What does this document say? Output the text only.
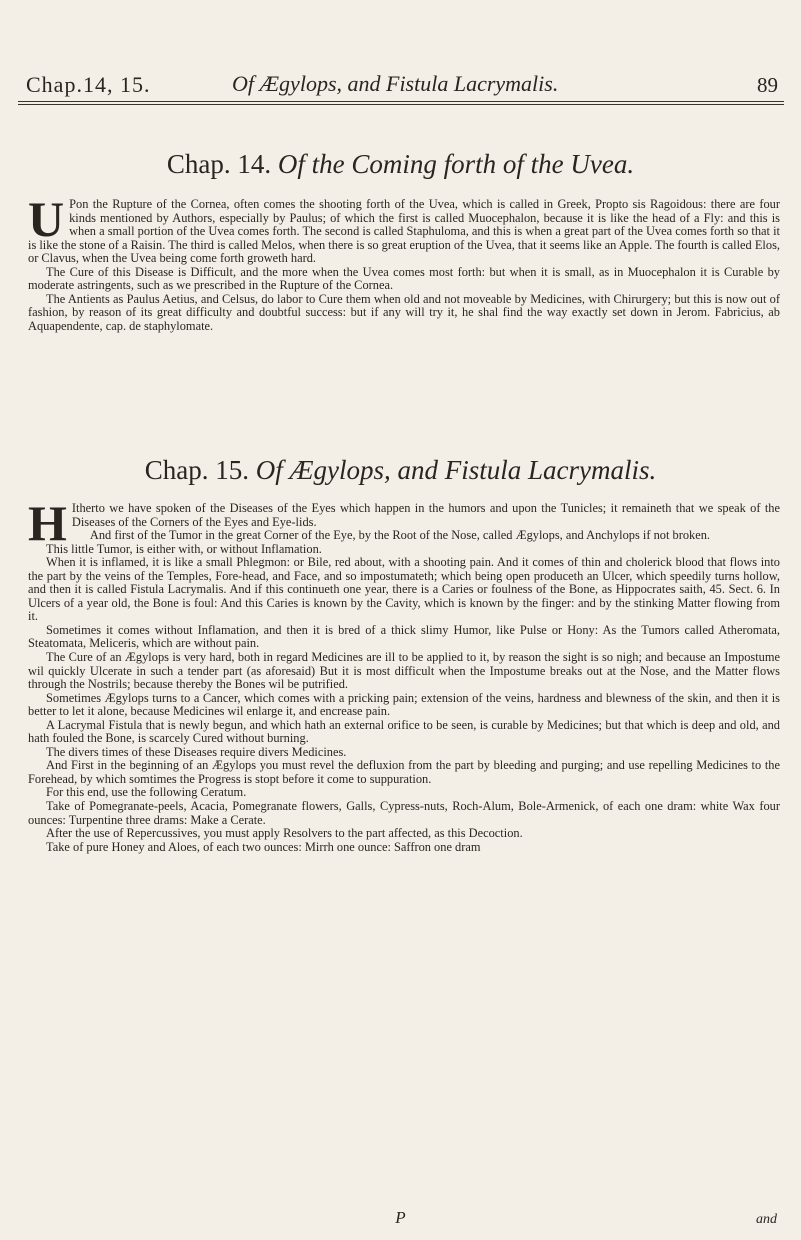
Chap.14, 15.	Of Ægylops, and Fistula Lacrymalis.	89
Chap. 14. Of the Coming forth of the Uvea.

U Pon the Rupture of the Cornea, often comes the shooting forth of the Uvea, which is called in Greek, Propto sis Ragoidous: there are four kinds mentioned by Authors, especially by Paulus; of which the first is called Muocephalon, because it is like the head of a Fly: and this is when a small portion of the Uvea comes forth. The second is called Staphuloma, and this is when a great part of the Uvea comes forth so that it is like the stone of a Raisin. The third is called Melos, when there is so great eruption of the Uvea, that it seems like an Apple. The fourth is called Elos, or Clavus, when the Uvea being come forth groweth hard.

The Cure of this Disease is Difficult, and the more when the Uvea comes most forth: but when it is small, as in Muocephalon it is Curable by moderate astringents, such as we prescribed in the Rupture of the Cornea.

The Antients as Paulus Aetius, and Celsus, do labor to Cure them when old and not moveable by Medicines, with Chirurgery; but this is now out of fashion, by reason of its great difficulty and doubtful success: but if any will try it, he shal find the way exactly set down in Jerom. Fabricius, ab Aquapendente, cap. de staphylomate.

Chap. 15. Of Ægylops, and Fistula Lacrymalis.

H Itherto we have spoken of the Diseases of the Eyes which happen in the humors and upon the Tunicles; it remaineth that we speak of the Diseases of the Corners of the Eyes and Eye-lids.

And first of the Tumor in the great Corner of the Eye, by the Root of the Nose, called Ægylops, and Anchylops if not broken.

This little Tumor, is either with, or without Inflamation.

When it is inflamed, it is like a small Phlegmon: or Bile, red about, with a shooting pain. And it comes of thin and cholerick blood that flows into the part by the veins of the Temples, Fore-head, and Face, and so impostumateth; which being open produceth an Ulcer, which speedily turns hollow, and then it is called Fistula Lacrymalis. And if this continueth one year, there is a Caries or foulness of the Bone, as Hippocrates saith, 45. Sect. 6. In Ulcers of a year old, the Bone is foul: And this Caries is known by the Cavity, which is known by the finger: and by the stinking Matter flowing from it.

Sometimes it comes without Inflamation, and then it is bred of a thick slimy Humor, like Pulse or Hony: As the Tumors called Atheromata, Steatomata, Meliceris, which are without pain.

The Cure of an Ægylops is very hard, both in regard Medicines are ill to be applied to it, by reason the sight is so nigh; and because an Impostume wil quickly Ulcerate in such a tender part (as aforesaid) But it is most difficult when the Impostume breaks out at the Nose, and the Matter flows through the Nostrils; because thereby the Bones wil be putrified.

Sometimes Ægylops turns to a Cancer, which comes with a pricking pain; extension of the veins, hardness and blewness of the skin, and then it is better to let it alone, because Medicines wil enlarge it, and encrease pain.

A Lacrymal Fistula that is newly begun, and which hath an external orifice to be seen, is curable by Medicines; but that which is deep and old, and hath fouled the Bone, is scarcely Cured without burning.

The divers times of these Diseases require divers Medicines.

And First in the beginning of an Ægylops you must revel the defluxion from the part by bleeding and purging; and use repelling Medicines to the Forehead, by which somtimes the Progress is stopt before it come to suppuration.

For this end, use the following Ceratum.

Take of Pomegranate-peels, Acacia, Pomegranate flowers, Galls, Cypress-nuts, Roch-Alum, Bole-Armenick, of each one dram: white Wax four ounces: Turpentine three drams: Make a Cerate.

After the use of Repercussives, you must apply Resolvers to the part affected, as this Decoction.

Take of pure Honey and Aloes, of each two ounces: Mirrh one ounce: Saffron one dram

P	and
